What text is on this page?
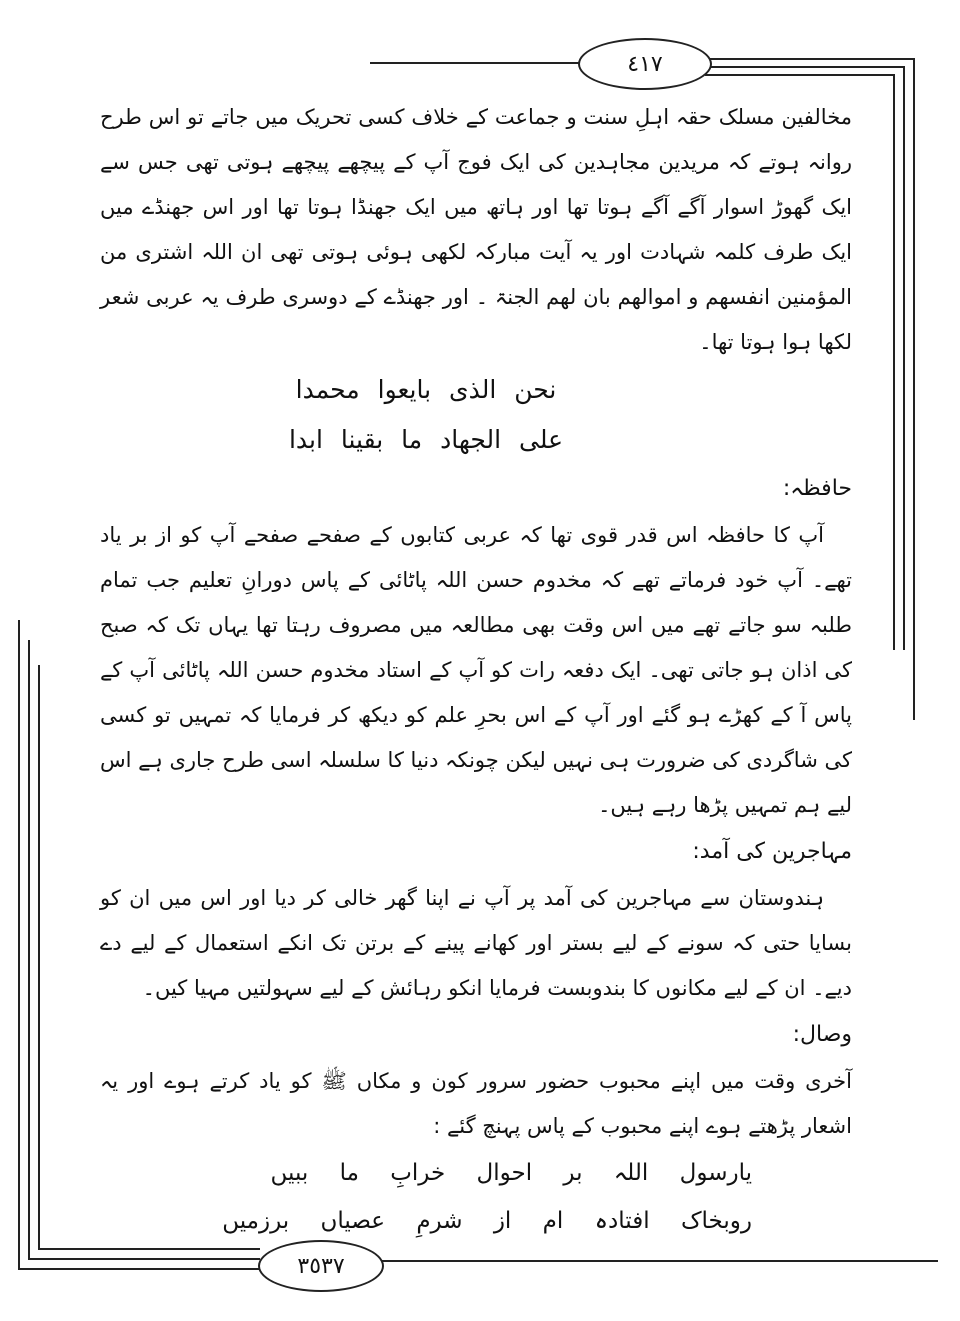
٤١٧
٣٥٣٧

مخالفین مسلک حقہ اہلِ سنت و جماعت کے خلاف کسی تحریک میں جاتے تو اس طرح روانہ ہوتے کہ مریدین مجاہدین کی ایک فوج آپ کے پیچھے پیچھے ہوتی تھی جس سے ایک گھوڑ اسوار آگے آگے ہوتا تھا اور ہاتھ میں ایک جھنڈا ہوتا تھا اور اس جھنڈے میں ایک طرف کلمہ شہادت اور یہ آیت مبارکہ لکھی ہوئی ہوتی تھی ان اللہ اشتری من المؤمنین انفسھم و اموالھم بان لھم الجنۃ ۔ اور جھنڈے کے دوسری طرف یہ عربی شعر لکھا ہوا ہوتا تھا۔

نحن الذی بایعوا محمدا

علی الجھاد ما بقینا ابدا

حافظہ:

آپ کا حافظہ اس قدر قوی تھا کہ عربی کتابوں کے صفحے صفحے آپ کو از بر یاد تھے۔ آپ خود فرماتے تھے کہ مخدوم حسن اللہ پاٹائی کے پاس دورانِ تعلیم جب تمام طلبہ سو جاتے تھے میں اس وقت بھی مطالعہ میں مصروف رہتا تھا یہاں تک کہ صبح کی اذان ہو جاتی تھی۔ ایک دفعہ رات کو آپ کے استاد مخدوم حسن اللہ پاٹائی آپ کے پاس آ کے کھڑے ہو گئے اور آپ کے اس بحرِ علم کو دیکھ کر فرمایا کہ تمہیں تو کسی کی شاگردی کی ضرورت ہی نہیں لیکن چونکہ دنیا کا سلسلہ اسی طرح جاری ہے اس لیے ہم تمہیں پڑھا رہے ہیں۔

مہاجرین کی آمد:

ہندوستان سے مہاجرین کی آمد پر آپ نے اپنا گھر خالی کر دیا اور اس میں ان کو بسایا حتی کہ سونے کے لیے بستر اور کھانے پینے کے برتن تک انکے استعمال کے لیے دے دیے۔ ان کے لیے مکانوں کا بندوبست فرمایا انکو رہائش کے لیے سہولتیں مہیا کیں۔

وصال:

آخری وقت میں اپنے محبوب حضور سرور کون و مکاں ﷺ کو یاد کرتے ہوے اور یہ اشعار پڑھتے ہوے اپنے محبوب کے پاس پہنچ گئے :

یارسول اللہ بر احوال خرابِ ما ببیں

روبخاک افتادہ ام از شرمِ عصیاں برزمیں
